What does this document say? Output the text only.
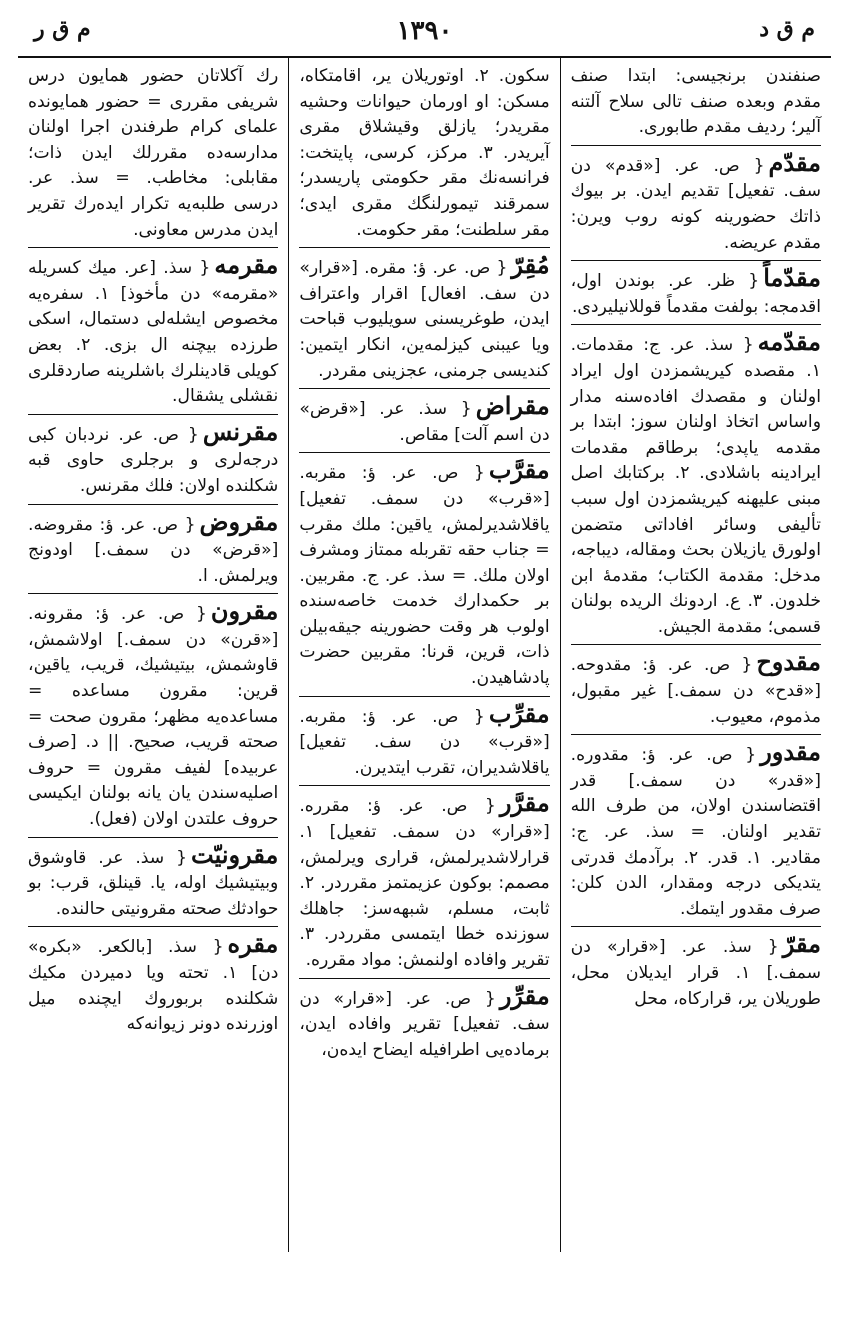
م ق د
١٣٩٠
م ق ر

صنفندن برنجیسی: ابتدا صنف مقدم وبعده صنف تالی سلاح آلتنه آلیر؛ ردیف مقدم طابوری.

مقدّم{ ص. عر. [«قدم» دن سف. تفعیل] تقدیم ایدن. بر بیوك ذاتك حضورینه کونه روب ویرن: مقدم عریضه.

مقدّماً{ ظر. عر. بوندن اول، اقدمجه: بولفت مقدماً قوللانیلیردی.

مقدّمه{ سذ. عر. ج: مقدمات. ١. مقصده کیریشمزدن اول ایراد اولنان و مقصدك افاده‌سنه مدار واساس اتخاذ اولنان سوز: ابتدا بر مقدمه یاپدی؛ برطاقم مقدمات ایرادینه باشلادی. ٢. برکتابك اصل مبنی علیهنه کیریشمزدن اول سبب تألیفی وسائر افاداتی متضمن اولورق یازیلان بحث ومقاله، دیباجه، مدخل: مقدمة الکتاب؛ مقدمهٔ ابن خلدون. ٣. ع. اردونك الریده بولنان قسمی؛ مقدمة الجیش.

مقدوح{ ص. عر. ؤ: مقدوحه. [«قدح» دن سمف.] غیر مقبول، مذموم، معیوب.

مقدور{ ص. عر. ؤ: مقدوره. [«قدر» دن سمف.] قدر اقتضاسندن اولان، من طرف الله تقدیر اولنان. = سذ. عر. ج: مقادیر. ١. قدر. ٢. برآدمك قدرتی یتدیکی درجه ومقدار، الدن کلن: صرف مقدور ایتمك.

مقرّ{ سذ. عر. [«قرار» دن سمف.] ١. قرار ایدیلان محل، طوریلان یر، قرارکاه، محل

سکون. ٢. اوتوریلان یر، اقامتکاه، مسکن: او اورمان حیوانات وحشیه مقریدر؛ یازلق وقیشلاق مقری آیریدر. ٣. مرکز، کرسی، پایتخت: فرانسه‌نك مقر حکومتی پاریسدر؛ سمرقند تیمورلنگك مقری ایدی؛ مقر سلطنت؛ مقر حکومت.

مُقِرّ{ ص. عر. ؤ: مقره. [«قرار» دن سف. افعال] اقرار واعتراف ایدن، طوغریسنی سویلیوب قباحت ویا عیبنی کیزلمه‌ین، انکار ایتمین: کندیسی جرمنی، عجزینی مقردر.

مقراض{ سذ. عر. [«قرض» دن اسم آلت] مقاص.

مقرَّب{ ص. عر. ؤ: مقربه. [«قرب» دن سمف. تفعیل] یاقلاشدیرلمش، یاقین: ملك مقرب = جناب حقه تقربله ممتاز ومشرف اولان ملك. = سذ. عر. ج. مقربین. بر حکمدارك خدمت خاصه‌سنده اولوب هر وقت حضورینه جیقه‌بیلن ذات، قرین، قرنا: مقربین حضرت پادشاهیدن.

مقرِّب{ ص. عر. ؤ: مقربه. [«قرب» دن سف. تفعیل] یاقلاشدیران، تقرب ایتدیرن.

مقرَّر{ ص. عر. ؤ: مقرره. [«قرار» دن سمف. تفعیل] ١. قرارلاشدیرلمش، قراری ویرلمش، مصمم: بوکون عزیمتمز مقرردر. ٢. ثابت، مسلم، شبهه‌سز: جاهلك سوزنده خطا ایتمسی مقرردر. ٣. تقریر وافاده اولنمش: مواد مقرره.

مقرِّر{ ص. عر. [«قرار» دن سف. تفعیل] تقریر وافاده ایدن، برماده‌یی اطرافیله ایضاح ایده‌ن،

رك آکلاتان حضور همایون درس شریفی مقرری = حضور همایونده علمای کرام طرفندن اجرا اولنان مدارسه‌ده مقررلك ایدن ذات؛ مقابلی: مخاطب. = سذ. عر. درسی طلبه‌یه تکرار ایده‌رك تقریر ایدن مدرس معاونی.

مقرمه{ سذ. [عر. میك کسریله «مقرمه» دن مأخوذ] ١. سفره‌یه مخصوص ایشله‌لی دستمال، اسکی طرزده بیچنه ال بزی. ٢. بعض کویلی قادینلرك باشلرینه صاردقلری نقشلی یشقال.

مقرنس{ ص. عر. نردبان کبی درجه‌لری و برجلری حاوی قبه شکلنده اولان: فلك مقرنس.

مقروض{ ص. عر. ؤ: مقروضه. [«قرض» دن سمف.] اودونج ویرلمش. ا.

مقرون{ ص. عر. ؤ: مقرونه. [«قرن» دن سمف.] اولاشمش، قاوشمش، بیتیشیك، قریب، یاقین، قرین: مقرون مساعده = مساعده‌یه مظهر؛ مقرون صحت = صحته قریب، صحیح. || د. [صرف عربیده] لفیف مقرون = حروف اصلیه‌سندن یان یانه بولنان ایکیسی حروف علتدن اولان (فعل).

مقرونیّت{ سذ. عر. قاوشوق وبیتیشیك اوله، یا. قینلق، قرب: بو حوادثك صحته مقرونیتی حالنده.

مقره{ سذ. [بالکعر. «بکره» دن] ١. تحته ویا دمیردن مکیك شکلنده بربوروك ایچنده میل اوزرنده دونر زیوانه‌که
